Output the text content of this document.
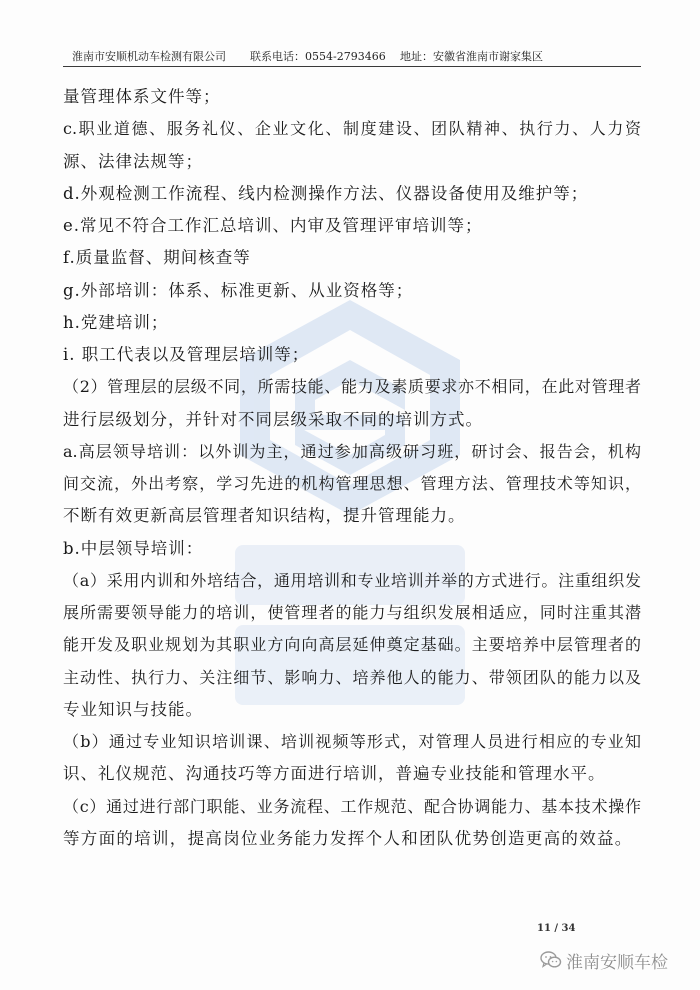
淮南市安顺机动车检测有限公司 联系电话：0554-2793466 地址：安徽省淮南市谢家集区
量管理体系文件等；
c.职业道德、服务礼仪、企业文化、制度建设、团队精神、执行力、人力资
源、法律法规等；
d.外观检测工作流程、线内检测操作方法、仪器设备使用及维护等；
e.常见不符合工作汇总培训、内审及管理评审培训等；
f.质量监督、期间核查等
g.外部培训：体系、标准更新、从业资格等；
h.党建培训；
i. 职工代表以及管理层培训等；
（2）管理层的层级不同，所需技能、能力及素质要求亦不相同，在此对管理者
进行层级划分，并针对不同层级采取不同的培训方式。
a.高层领导培训：以外训为主，通过参加高级研习班，研讨会、报告会，机构
间交流，外出考察，学习先进的机构管理思想、管理方法、管理技术等知识，
不断有效更新高层管理者知识结构，提升管理能力。
b.中层领导培训：
（a）采用内训和外培结合，通用培训和专业培训并举的方式进行。注重组织发
展所需要领导能力的培训，使管理者的能力与组织发展相适应，同时注重其潜
能开发及职业规划为其职业方向向高层延伸奠定基础。主要培养中层管理者的
主动性、执行力、关注细节、影响力、培养他人的能力、带领团队的能力以及
专业知识与技能。
（b）通过专业知识培训课、培训视频等形式，对管理人员进行相应的专业知
识、礼仪规范、沟通技巧等方面进行培训，普遍专业技能和管理水平。
（c）通过进行部门职能、业务流程、工作规范、配合协调能力、基本技术操作
等方面的培训，提高岗位业务能力发挥个人和团队优势创造更高的效益。
11 / 34
淮南安顺车检
